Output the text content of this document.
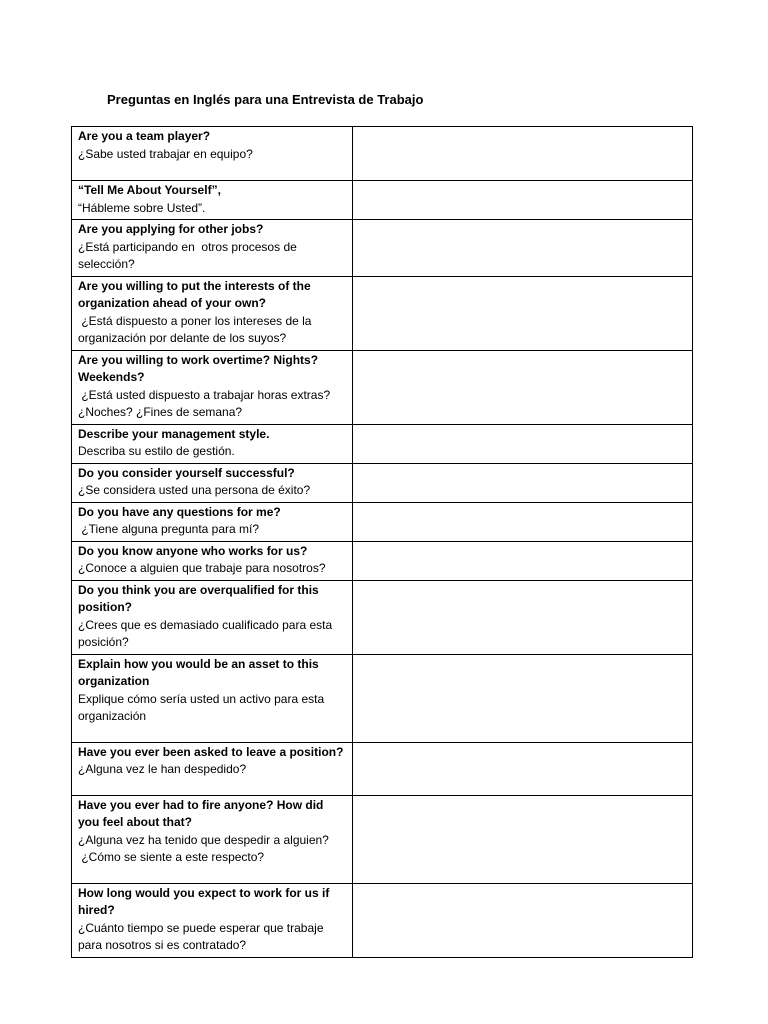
Preguntas en Inglés para una Entrevista de Trabajo
Are you a team player?
¿Sabe usted trabajar en equipo?	

“Tell Me About Yourself”,
“Hábleme sobre Usted”.	

Are you applying for other jobs?
¿Está participando en  otros procesos de
selección?	

Are you willing to put the interests of the
organization ahead of your own?
¿Está dispuesto a poner los intereses de la
organización por delante de los suyos?	

Are you willing to work overtime? Nights?
Weekends?
¿Está usted dispuesto a trabajar horas extras?
¿Noches? ¿Fines de semana?	

Describe your management style.
Describa su estilo de gestión.	

Do you consider yourself successful?
¿Se considera usted una persona de éxito?	

Do you have any questions for me?
¿Tiene alguna pregunta para mí?	

Do you know anyone who works for us?
¿Conoce a alguien que trabaje para nosotros?	

Do you think you are overqualified for this
position?
¿Crees que es demasiado cualificado para esta
posición?	

Explain how you would be an asset to this
organization
Explique cómo sería usted un activo para esta
organización	

Have you ever been asked to leave a position?
¿Alguna vez le han despedido?	

Have you ever had to fire anyone? How did
you feel about that?
¿Alguna vez ha tenido que despedir a alguien?
¿Cómo se siente a este respecto?	

How long would you expect to work for us if
hired?
¿Cuánto tiempo se puede esperar que trabaje
para nosotros si es contratado?	
